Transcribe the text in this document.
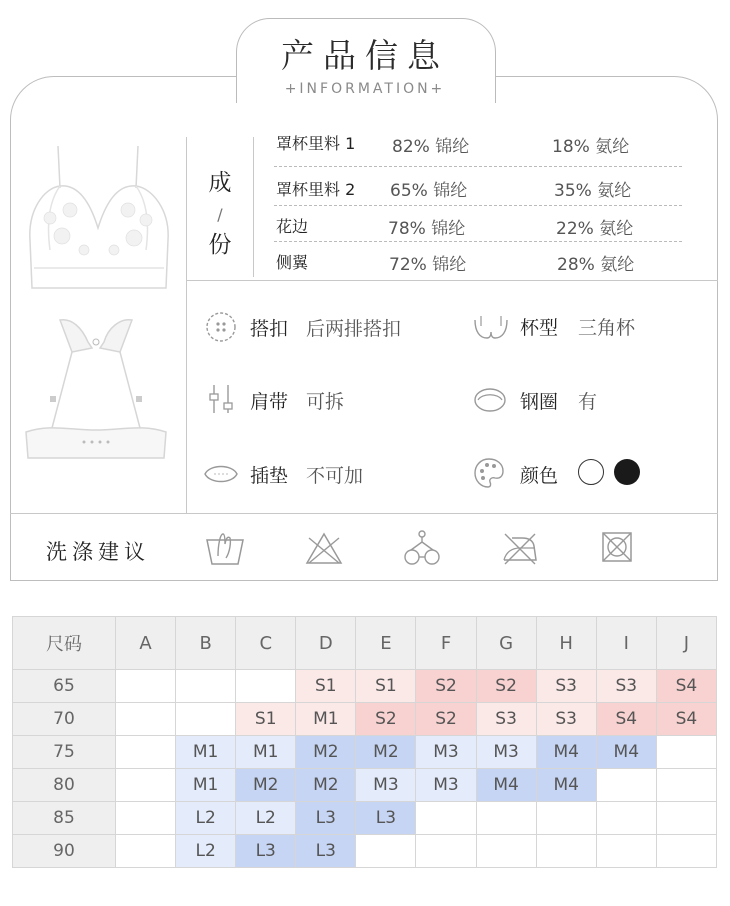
产品信息
+INFORMATION+
成
/
份
罩杯里料 1 82% 锦纶	18% 氨纶
罩杯里料 2 65% 锦纶	35% 氨纶
花边	78% 锦纶	22% 氨纶
侧翼	72% 锦纶	28% 氨纶
搭扣 后两排搭扣	杯型 三角杯
肩带 可拆	钢圈 有
插垫 不可加	颜色
洗涤建议
尺码	A	B	C	D	E	F	G	H	I	J
65				S1	S1	S2	S2	S3	S3	S4
70			S1	M1	S2	S2	S3	S3	S4	S4
75		M1	M1	M2	M2	M3	M3	M4	M4	
80		M1	M2	M2	M3	M3	M4	M4		
85		L2	L2	L3	L3					
90		L2	L3	L3						
